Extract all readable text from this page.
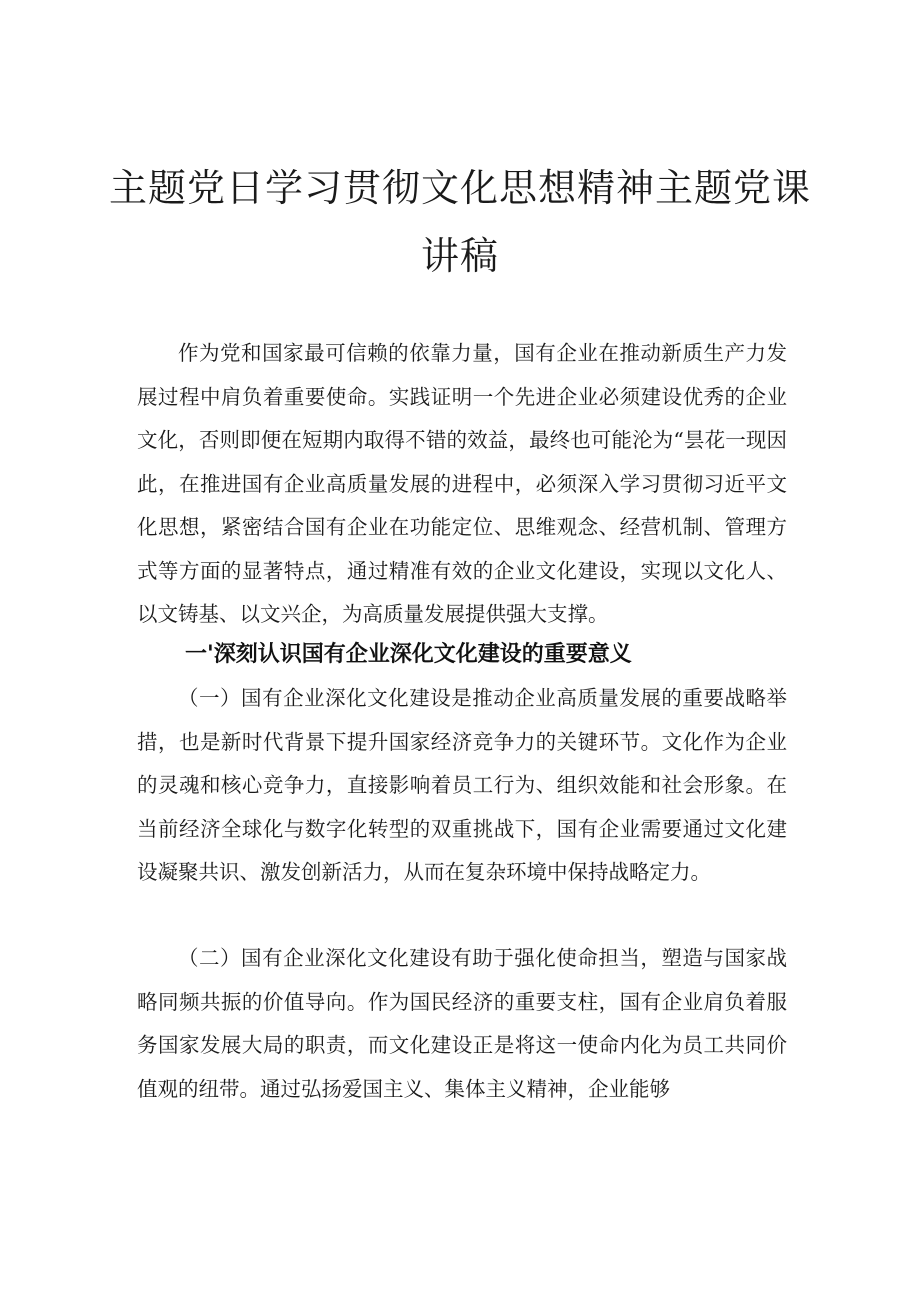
主题党日学习贯彻文化思想精神主题党课
讲稿

作为党和国家最可信赖的依靠力量，国有企业在推动新质生产力发展过程中肩负着重要使命。实践证明一个先进企业必须建设优秀的企业文化，否则即便在短期内取得不错的效益，最终也可能沦为“昙花一现因此，在推进国有企业高质量发展的进程中，必须深入学习贯彻习近平文化思想，紧密结合国有企业在功能定位、思维观念、经营机制、管理方式等方面的显著特点，通过精准有效的企业文化建设，实现以文化人、以文铸基、以文兴企，为高质量发展提供强大支撑。

一'深刻认识国有企业深化文化建设的重要意义

（一）国有企业深化文化建设是推动企业高质量发展的重要战略举措，也是新时代背景下提升国家经济竞争力的关键环节。文化作为企业的灵魂和核心竞争力，直接影响着员工行为、组织效能和社会形象。在当前经济全球化与数字化转型的双重挑战下，国有企业需要通过文化建设凝聚共识、激发创新活力，从而在复杂环境中保持战略定力。

（二）国有企业深化文化建设有助于强化使命担当，塑造与国家战略同频共振的价值导向。作为国民经济的重要支柱，国有企业肩负着服务国家发展大局的职责，而文化建设正是将这一使命内化为员工共同价值观的纽带。通过弘扬爱国主义、集体主义精神，企业能够
